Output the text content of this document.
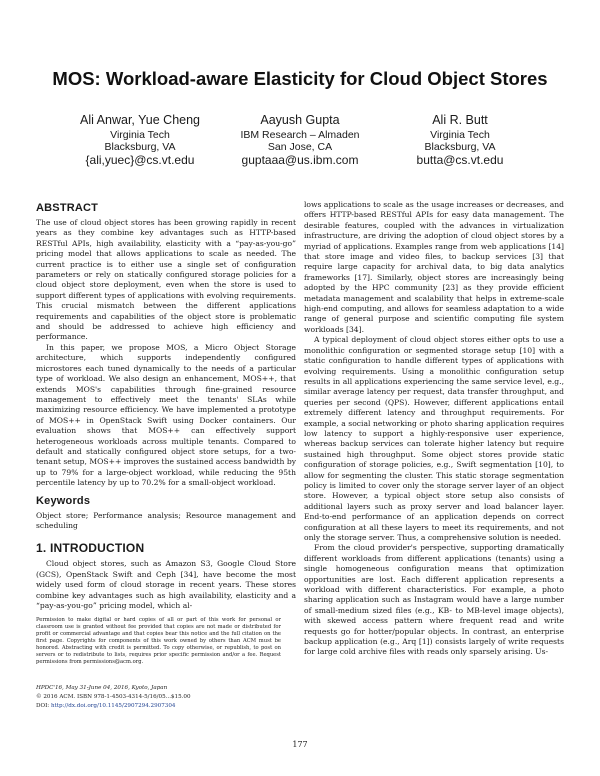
MOS: Workload-aware Elasticity for Cloud Object Stores
Ali Anwar, Yue Cheng
Virginia Tech
Blacksburg, VA
{ali,yuec}@cs.vt.edu
Aayush Gupta
IBM Research – Almaden
San Jose, CA
guptaaa@us.ibm.com
Ali R. Butt
Virginia Tech
Blacksburg, VA
butta@cs.vt.edu
ABSTRACT

The use of cloud object stores has been growing rapidly in recent years as they combine key advantages such as HTTP-based RESTful APIs, high availability, elasticity with a “pay-as-you-go” pricing model that allows applications to scale as needed. The current practice is to either use a single set of configuration parameters or rely on statically configured storage policies for a cloud object store deployment, even when the store is used to support different types of applications with evolving requirements. This crucial mismatch between the different applications requirements and capabilities of the object store is problematic and should be addressed to achieve high efficiency and performance.

In this paper, we propose MOS, a Micro Object Storage architecture, which supports independently configured microstores each tuned dynamically to the needs of a particular type of workload. We also design an enhancement, MOS++, that extends MOS's capabilities through fine-grained resource management to effectively meet the tenants' SLAs while maximizing resource efficiency. We have implemented a prototype of MOS++ in OpenStack Swift using Docker containers. Our evaluation shows that MOS++ can effectively support heterogeneous workloads across multiple tenants. Compared to default and statically configured object store setups, for a two-tenant setup, MOS++ improves the sustained access bandwidth by up to 79% for a large-object workload, while reducing the 95th percentile latency by up to 70.2% for a small-object workload.

Keywords

Object store; Performance analysis; Resource management and scheduling

1. INTRODUCTION

Cloud object stores, such as Amazon S3, Google Cloud Store (GCS), OpenStack Swift and Ceph [34], have become the most widely used form of cloud storage in recent years. These stores combine key advantages such as high availability, elasticity and a “pay-as-you-go” pricing model, which al-

Permission to make digital or hard copies of all or part of this work for personal or classroom use is granted without fee provided that copies are not made or distributed for profit or commercial advantage and that copies bear this notice and the full citation on the first page. Copyrights for components of this work owned by others than ACM must be honored. Abstracting with credit is permitted. To copy otherwise, or republish, to post on servers or to redistribute to lists, requires prior specific permission and/or a fee. Request permissions from permissions@acm.org.
HPDC'16, May 31-June 04, 2016, Kyoto, Japan
© 2016 ACM. ISBN 978-1-4503-4314-5/16/05...$15.00
DOI: http://dx.doi.org/10.1145/2907294.2907304

lows applications to scale as the usage increases or decreases, and offers HTTP-based RESTful APIs for easy data management. The desirable features, coupled with the advances in virtualization infrastructure, are driving the adoption of cloud object stores by a myriad of applications. Examples range from web applications [14] that store image and video files, to backup services [3] that require large capacity for archival data, to big data analytics frameworks [17]. Similarly, object stores are increasingly being adopted by the HPC community [23] as they provide efficient metadata management and scalability that helps in extreme-scale high-end computing, and allows for seamless adaptation to a wide range of general purpose and scientific computing file system workloads [34].

A typical deployment of cloud object stores either opts to use a monolithic configuration or segmented storage setup [10] with a static configuration to handle different types of applications with evolving requirements. Using a monolithic configuration setup results in all applications experiencing the same service level, e.g., similar average latency per request, data transfer throughput, and queries per second (QPS). However, different applications entail extremely different latency and throughput requirements. For example, a social networking or photo sharing application requires low latency to support a highly-responsive user experience, whereas backup services can tolerate higher latency but require sustained high throughput. Some object stores provide static configuration of storage policies, e.g., Swift segmentation [10], to allow for segmenting the cluster. This static storage segmentation policy is limited to cover only the storage server layer of an object store. However, a typical object store setup also consists of additional layers such as proxy server and load balancer layer. End-to-end performance of an application depends on correct configuration at all these layers to meet its requirements, and not only the storage server. Thus, a comprehensive solution is needed.

From the cloud provider's perspective, supporting dramatically different workloads from different applications (tenants) using a single homogeneous configuration means that optimization opportunities are lost. Each different application represents a workload with different characteristics. For example, a photo sharing application such as Instagram would have a large number of small-medium sized files (e.g., KB- to MB-level image objects), with skewed access pattern where frequent read and write requests go for hotter/popular objects. In contrast, an enterprise backup application (e.g., Arq [1]) consists largely of write requests for large cold archive files with reads only sparsely arising. Us-

177
